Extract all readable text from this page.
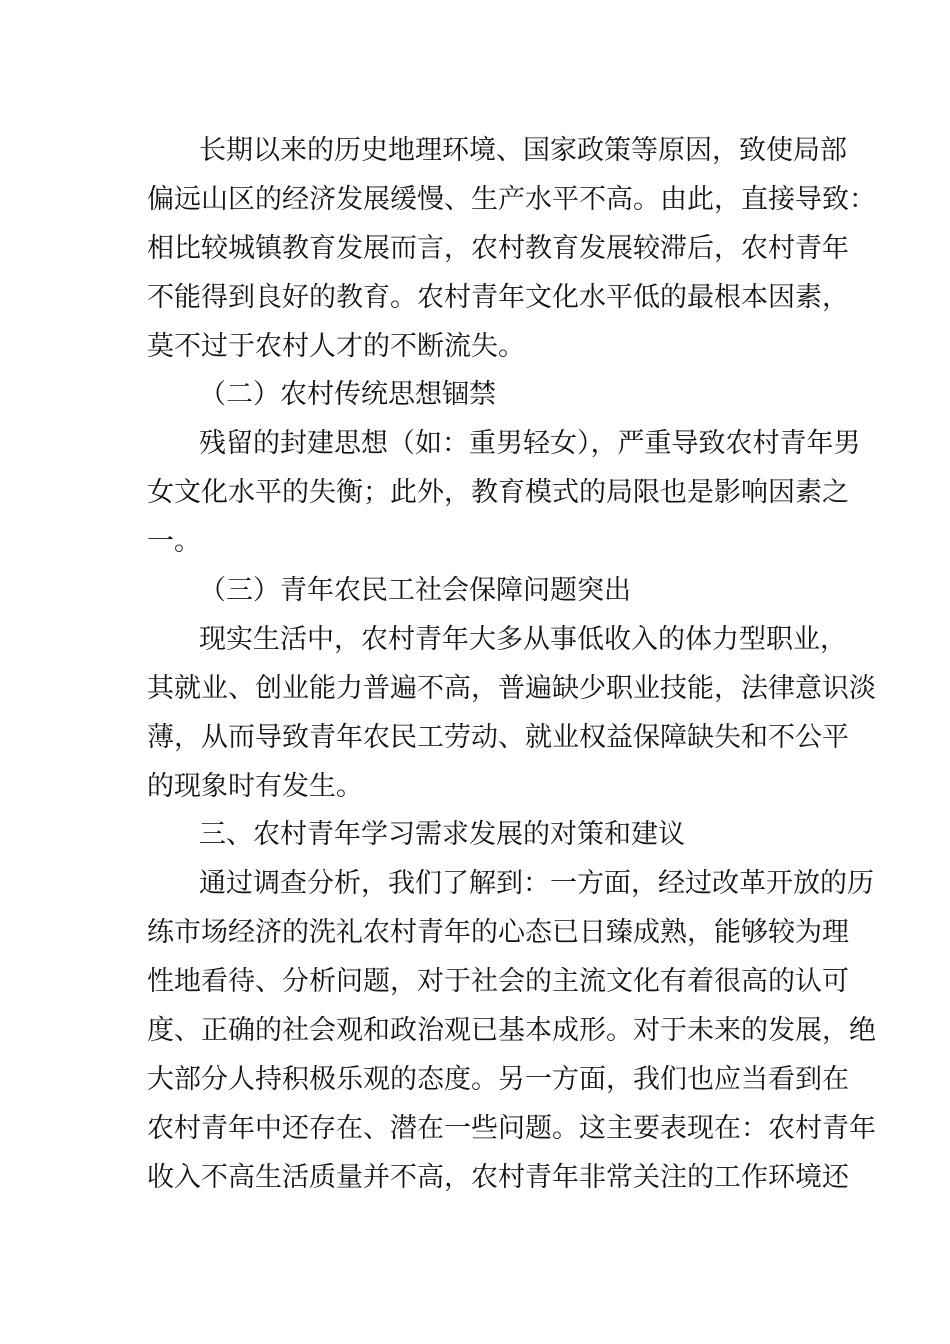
长期以来的历史地理环境、国家政策等原因，致使局部
偏远山区的经济发展缓慢、生产水平不高。由此，直接导致：
相比较城镇教育发展而言，农村教育发展较滞后，农村青年
不能得到良好的教育。农村青年文化水平低的最根本因素，
莫不过于农村人才的不断流失。
（二）农村传统思想锢禁
残留的封建思想（如：重男轻女），严重导致农村青年男
女文化水平的失衡；此外，教育模式的局限也是影响因素之
一。
（三）青年农民工社会保障问题突出
现实生活中，农村青年大多从事低收入的体力型职业，
其就业、创业能力普遍不高，普遍缺少职业技能，法律意识淡
薄，从而导致青年农民工劳动、就业权益保障缺失和不公平
的现象时有发生。
三、农村青年学习需求发展的对策和建议
通过调查分析，我们了解到：一方面，经过改革开放的历
练市场经济的洗礼农村青年的心态已日臻成熟，能够较为理
性地看待、分析问题，对于社会的主流文化有着很高的认可
度、正确的社会观和政治观已基本成形。对于未来的发展，绝
大部分人持积极乐观的态度。另一方面，我们也应当看到在
农村青年中还存在、潜在一些问题。这主要表现在：农村青年
收入不高生活质量并不高，农村青年非常关注的工作环境还
